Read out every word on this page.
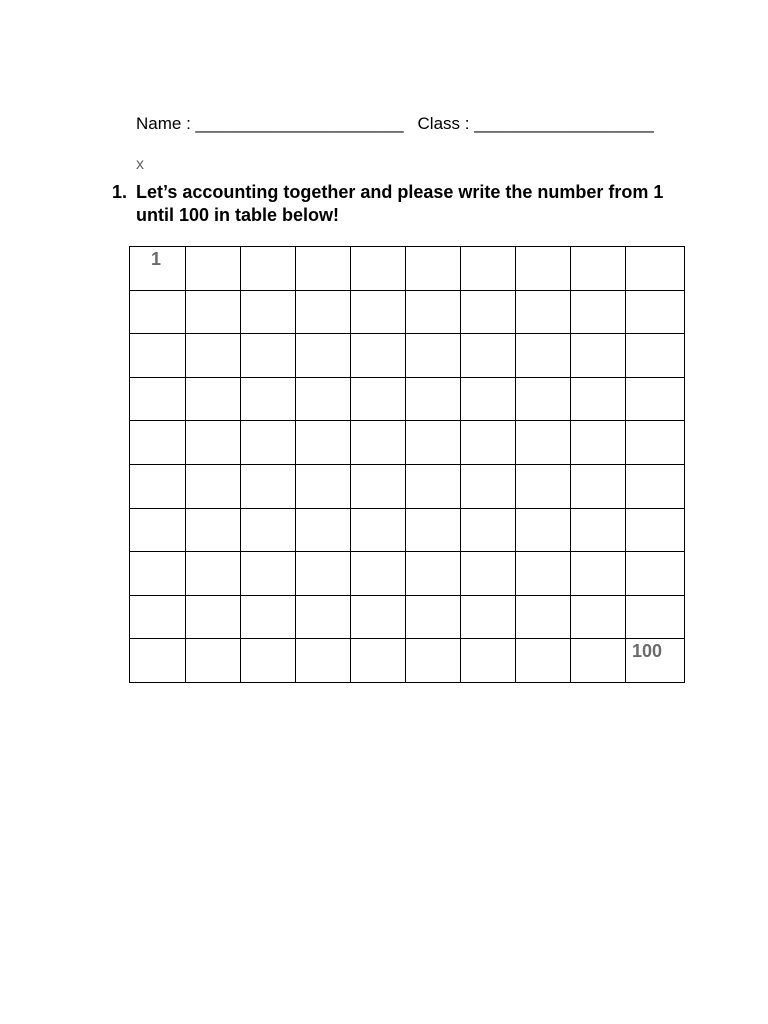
Name : ______________________ Class : ___________________
x
1. Let’s accounting together and please write the number from 1 until 100 in table below!
1									

									100
